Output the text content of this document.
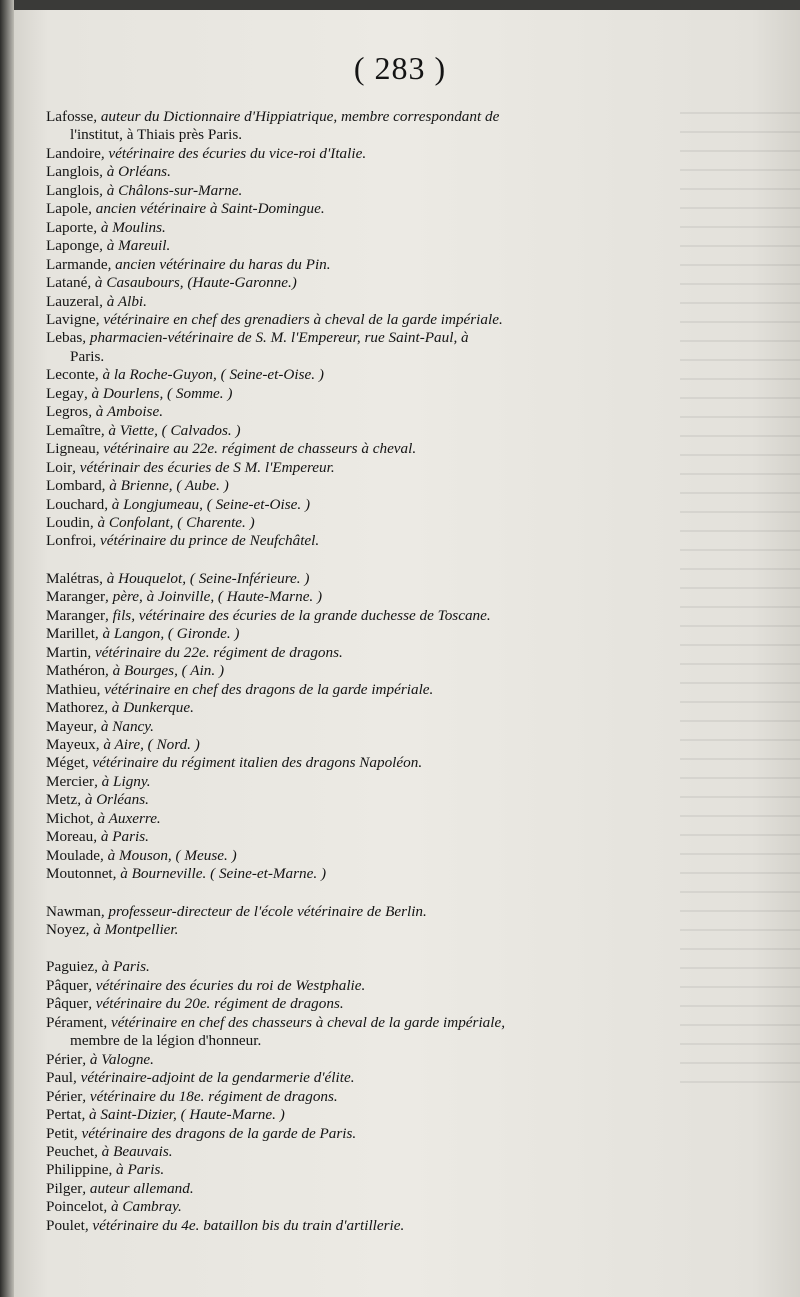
( 283 )
Lafosse, auteur du Dictionnaire d'Hippiatrique, membre correspondant de
l'institut, à Thiais près Paris.
Landoire, vétérinaire des écuries du vice-roi d'Italie.
Langlois, à Orléans.
Langlois, à Châlons-sur-Marne.
Lapole, ancien vétérinaire à Saint-Domingue.
Laporte, à Moulins.
Laponge, à Mareuil.
Larmande, ancien vétérinaire du haras du Pin.
Latané, à Casaubours, (Haute-Garonne.)
Lauzeral, à Albi.
Lavigne, vétérinaire en chef des grenadiers à cheval de la garde impériale.
Lebas, pharmacien-vétérinaire de S. M. l'Empereur, rue Saint-Paul, à
Paris.
Leconte, à la Roche-Guyon, ( Seine-et-Oise. )
Legay, à Dourlens, ( Somme. )
Legros, à Amboise.
Lemaître, à Viette, ( Calvados. )
Ligneau, vétérinaire au 22e. régiment de chasseurs à cheval.
Loir, vétérinair des écuries de S M. l'Empereur.
Lombard, à Brienne, ( Aube. )
Louchard, à Longjumeau, ( Seine-et-Oise. )
Loudin, à Confolant, ( Charente. )
Lonfroi, vétérinaire du prince de Neufchâtel.
Malétras, à Houquelot, ( Seine-Inférieure. )
Maranger, père, à Joinville, ( Haute-Marne. )
Maranger, fils, vétérinaire des écuries de la grande duchesse de Toscane.
Marillet, à Langon, ( Gironde. )
Martin, vétérinaire du 22e. régiment de dragons.
Mathéron, à Bourges, ( Ain. )
Mathieu, vétérinaire en chef des dragons de la garde impériale.
Mathorez, à Dunkerque.
Mayeur, à Nancy.
Mayeux, à Aire, ( Nord. )
Méget, vétérinaire du régiment italien des dragons Napoléon.
Mercier, à Ligny.
Metz, à Orléans.
Michot, à Auxerre.
Moreau, à Paris.
Moulade, à Mouson, ( Meuse. )
Moutonnet, à Bourneville. ( Seine-et-Marne. )
Nawman, professeur-directeur de l'école vétérinaire de Berlin.
Noyez, à Montpellier.
Paguiez, à Paris.
Pâquer, vétérinaire des écuries du roi de Westphalie.
Pâquer, vétérinaire du 20e. régiment de dragons.
Pérament, vétérinaire en chef des chasseurs à cheval de la garde impériale,
membre de la légion d'honneur.
Périer, à Valogne.
Paul, vétérinaire-adjoint de la gendarmerie d'élite.
Périer, vétérinaire du 18e. régiment de dragons.
Pertat, à Saint-Dizier, ( Haute-Marne. )
Petit, vétérinaire des dragons de la garde de Paris.
Peuchet, à Beauvais.
Philippine, à Paris.
Pilger, auteur allemand.
Poincelot, à Cambray.
Poulet, vétérinaire du 4e. bataillon bis du train d'artillerie.
